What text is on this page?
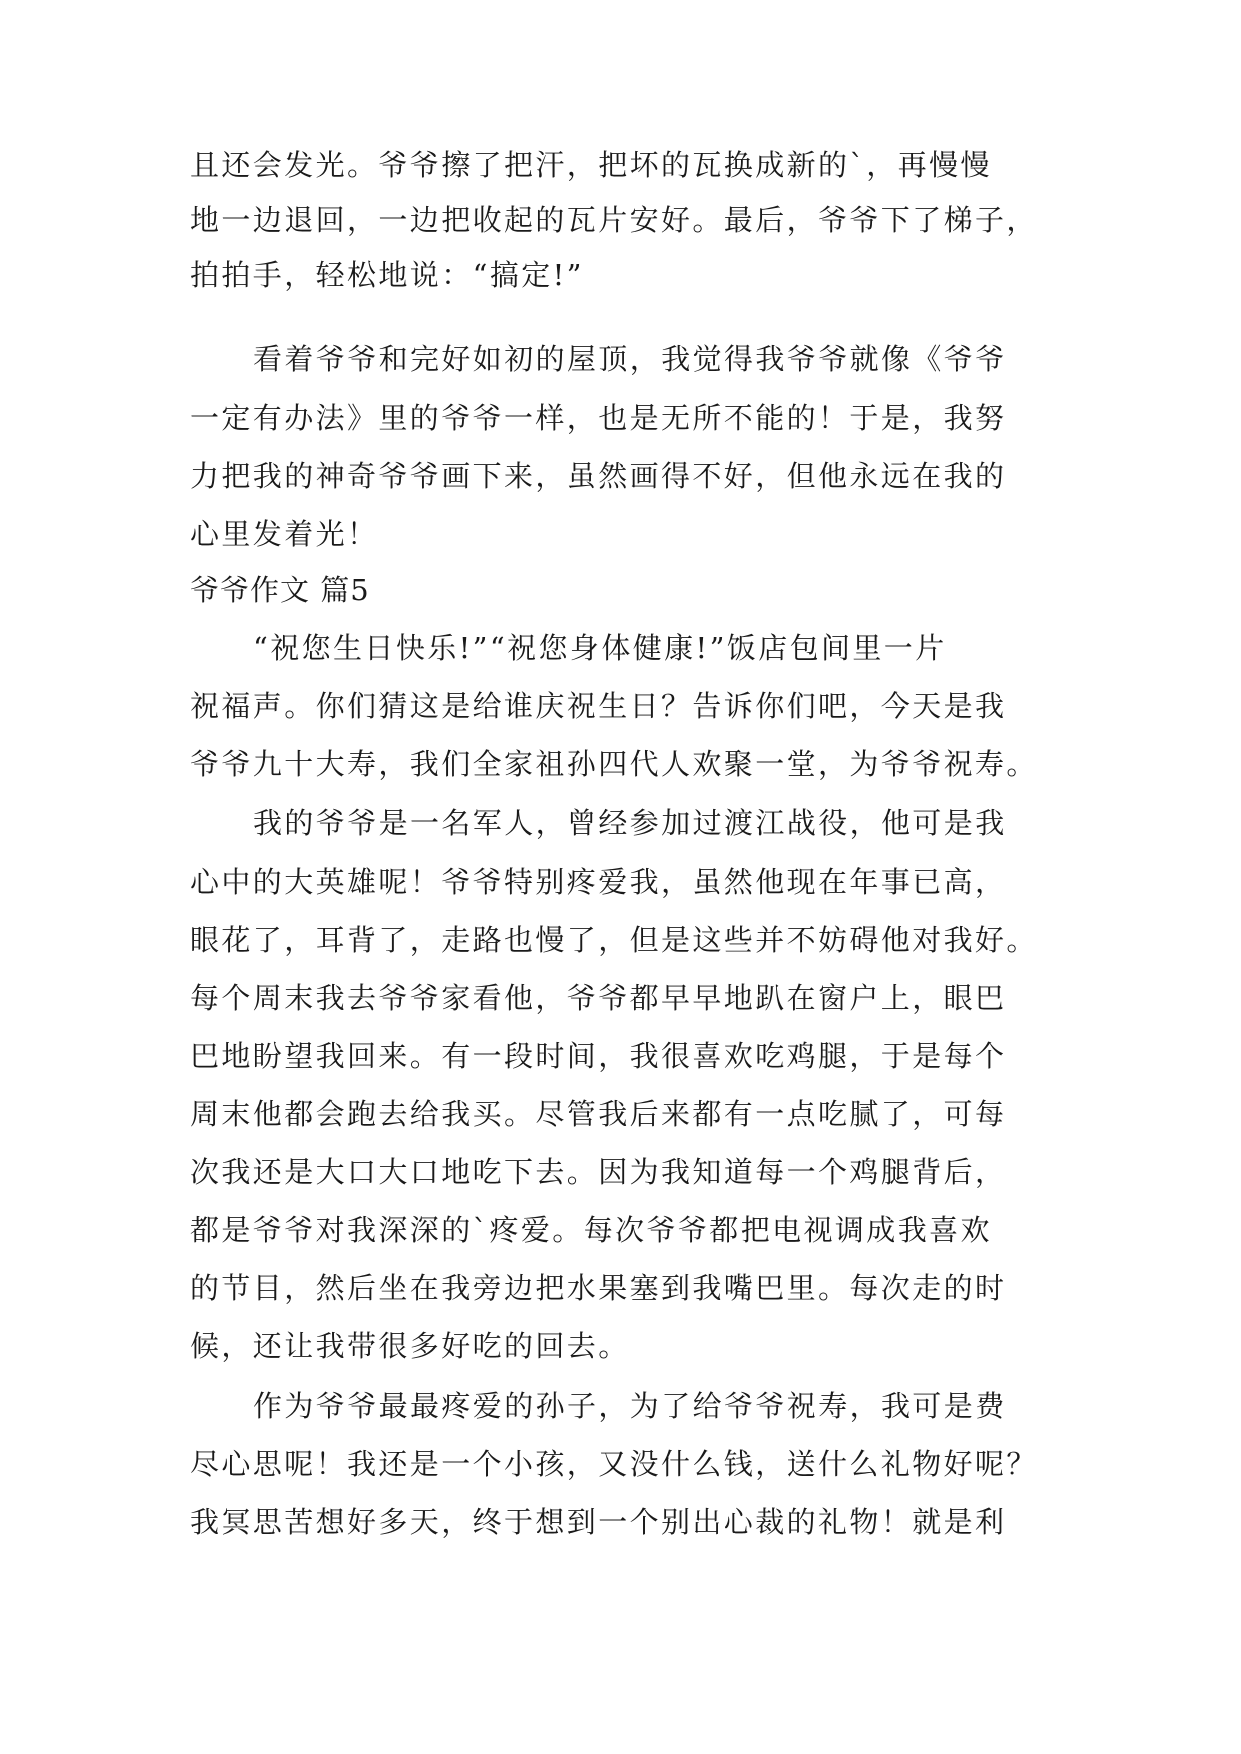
且还会发光。爷爷擦了把汗，把坏的瓦换成新的`，再慢慢
地一边退回，一边把收起的瓦片安好。最后，爷爷下了梯子，
拍拍手，轻松地说：“搞定!”
看着爷爷和完好如初的屋顶，我觉得我爷爷就像《爷爷
一定有办法》里的爷爷一样，也是无所不能的！于是，我努
力把我的神奇爷爷画下来，虽然画得不好，但他永远在我的
心里发着光！
爷爷作文 篇5
“祝您生日快乐!”“祝您身体健康!”饭店包间里一片
祝福声。你们猜这是给谁庆祝生日？告诉你们吧，今天是我
爷爷九十大寿，我们全家祖孙四代人欢聚一堂，为爷爷祝寿。
我的爷爷是一名军人，曾经参加过渡江战役，他可是我
心中的大英雄呢！爷爷特别疼爱我，虽然他现在年事已高，
眼花了，耳背了，走路也慢了，但是这些并不妨碍他对我好。
每个周末我去爷爷家看他，爷爷都早早地趴在窗户上，眼巴
巴地盼望我回来。有一段时间，我很喜欢吃鸡腿，于是每个
周末他都会跑去给我买。尽管我后来都有一点吃腻了，可每
次我还是大口大口地吃下去。因为我知道每一个鸡腿背后，
都是爷爷对我深深的`疼爱。每次爷爷都把电视调成我喜欢
的节目，然后坐在我旁边把水果塞到我嘴巴里。每次走的时
候，还让我带很多好吃的回去。
作为爷爷最最疼爱的孙子，为了给爷爷祝寿，我可是费
尽心思呢！我还是一个小孩，又没什么钱，送什么礼物好呢？
我冥思苦想好多天，终于想到一个别出心裁的礼物！就是利
